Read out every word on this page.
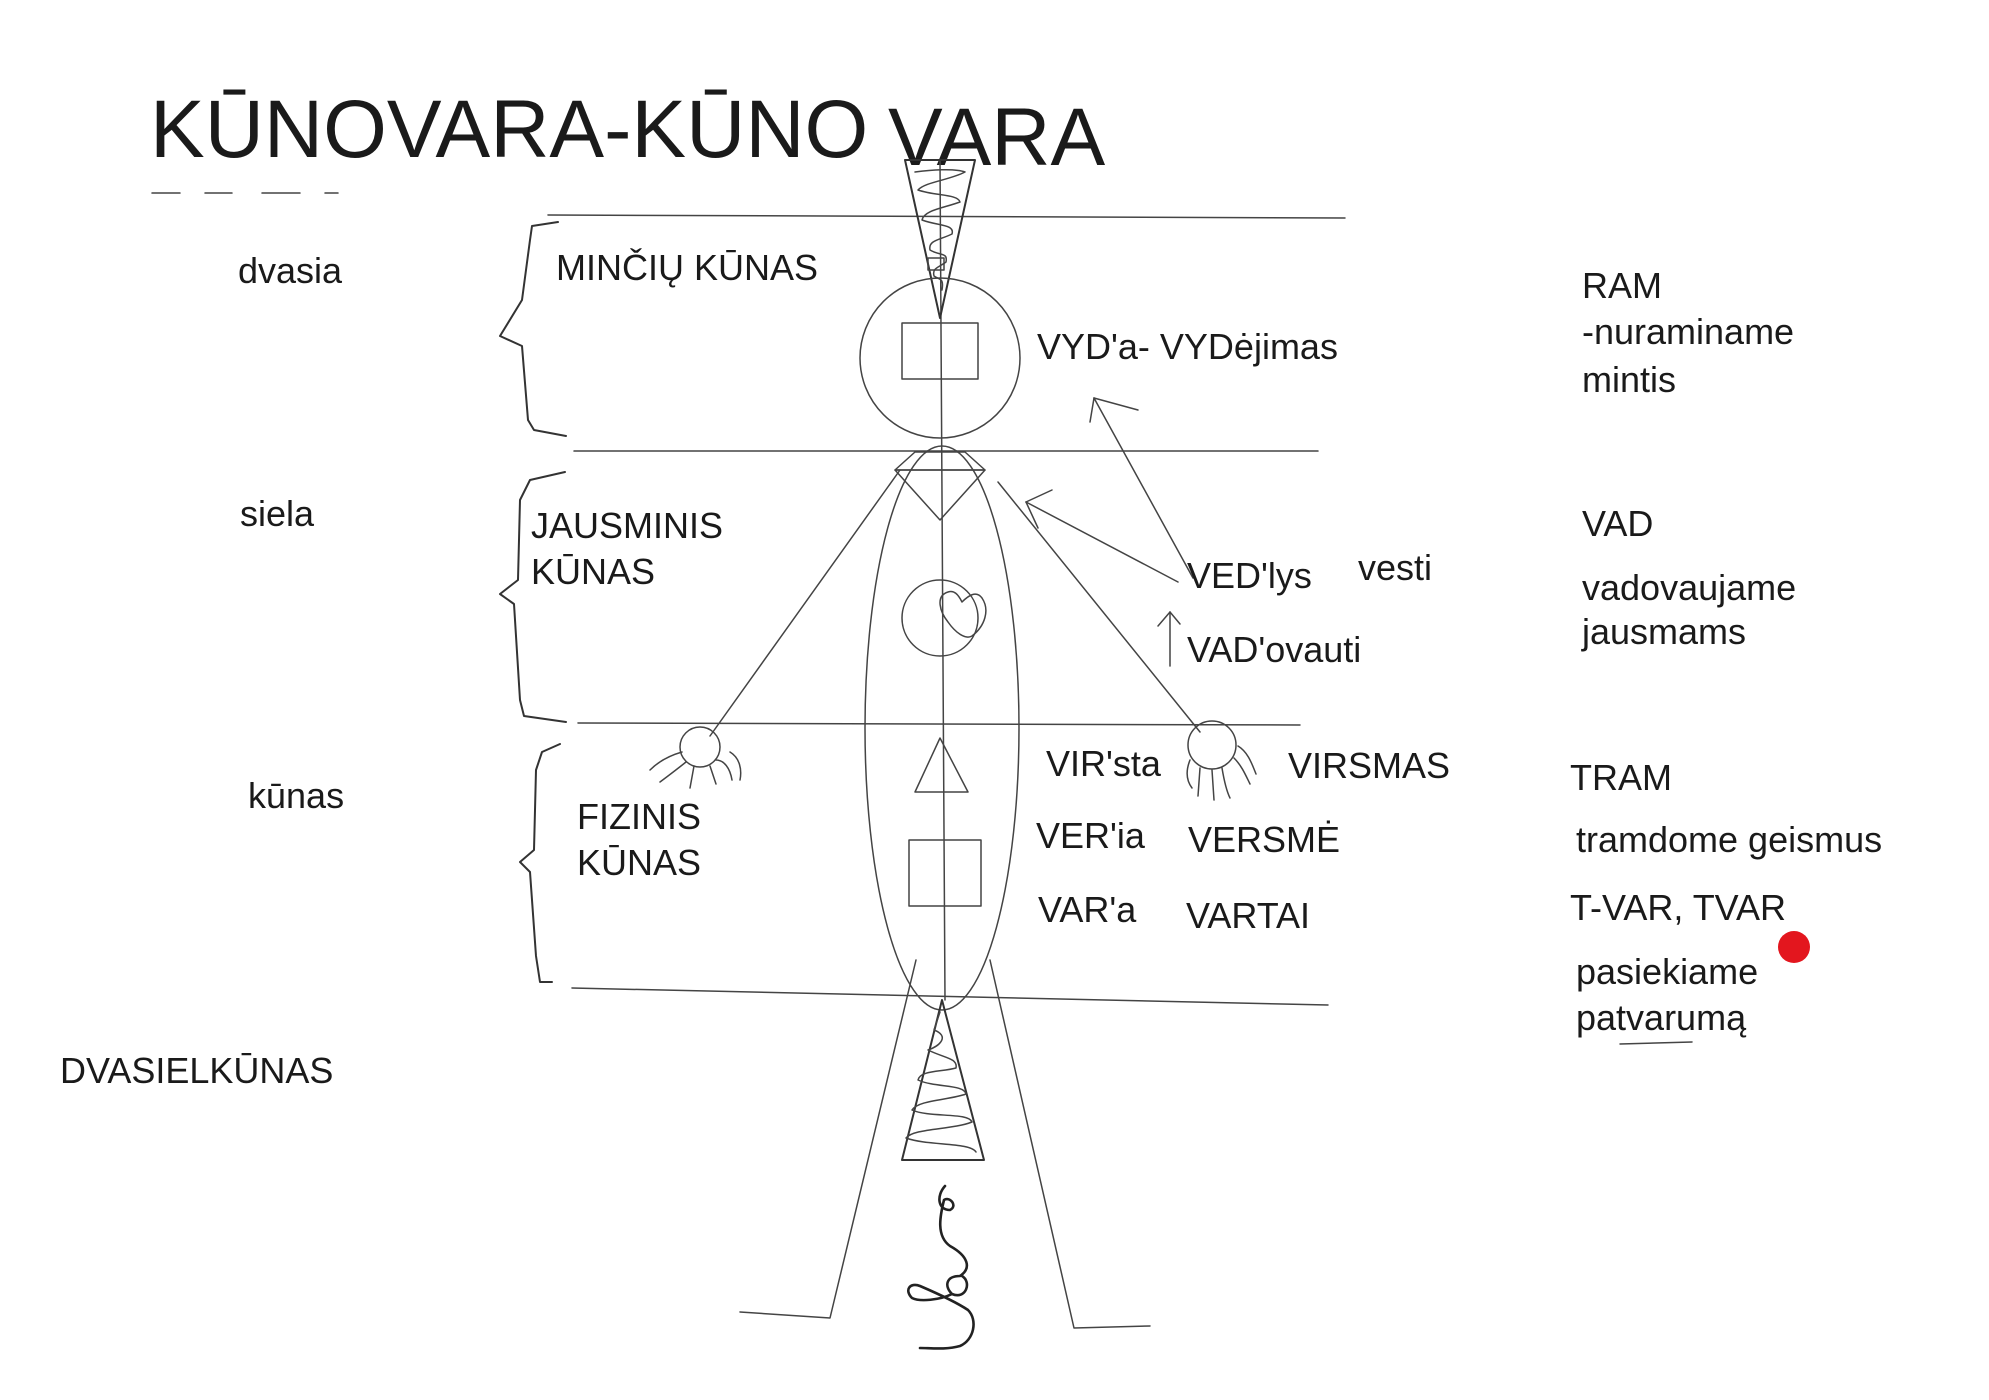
KŪNOVARA-KŪNO VARA
dvasia
siela
kūnas
DVASIELKŪNAS
MINČIŲ KŪNAS
JAUSMINIS
KŪNAS
FIZINIS
KŪNAS
VYD'a- VYDėjimas
VED'lys vesti
VAD'ovauti
VIR'sta	VIRSMAS
VER'ia VERSMĖ
VAR'a VARTAI
RAM
-nuraminame
mintis
VAD
vadovaujame
jausmams
TRAM
tramdome geismus
T-VAR, TVAR
pasiekiame
patvarumą
